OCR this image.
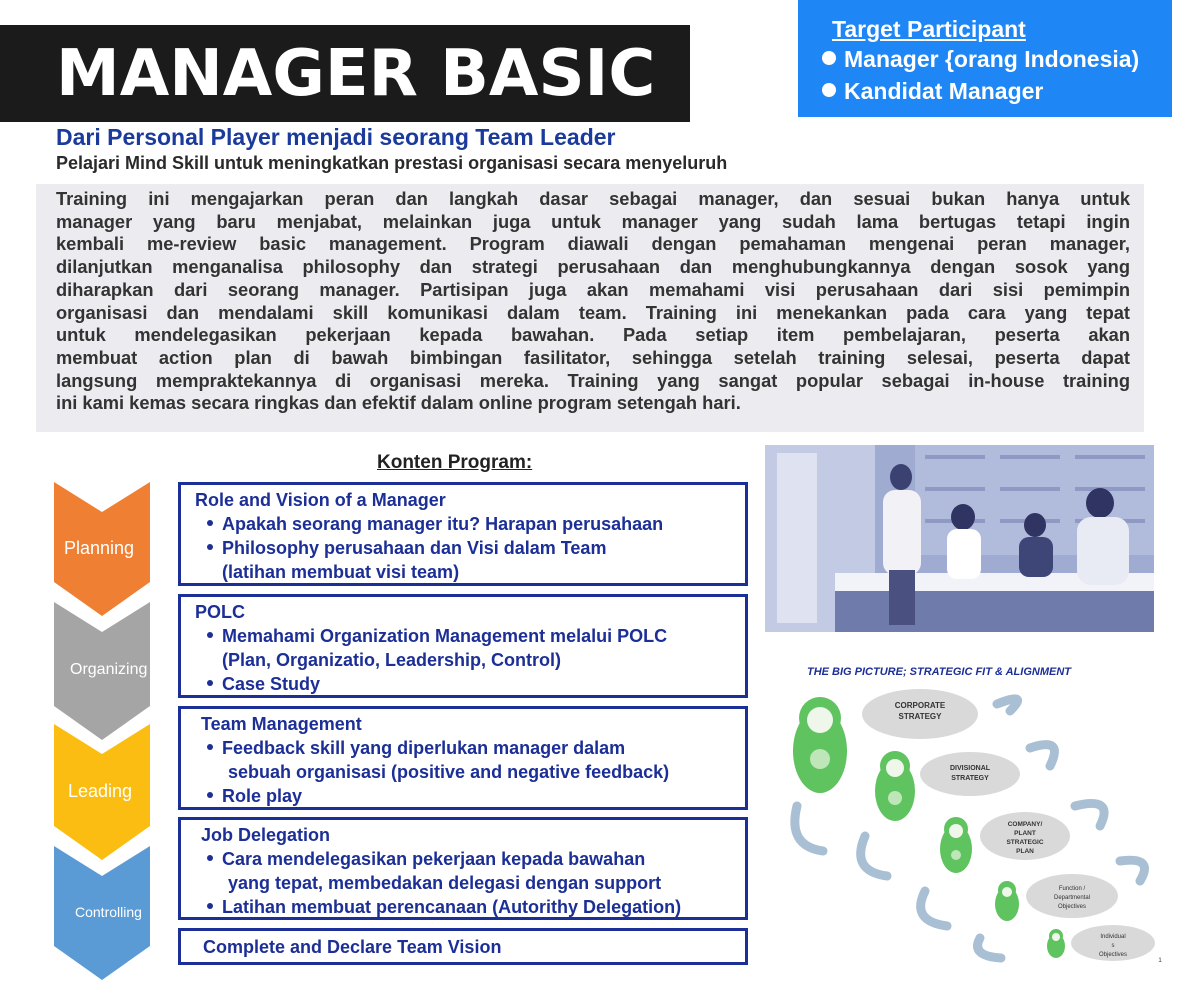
MANAGER BASIC
Target Participant
Manager {orang Indonesia)
Kandidat Manager
Dari Personal Player menjadi seorang Team Leader
Pelajari Mind Skill untuk meningkatkan prestasi organisasi secara menyeluruh
Training ini mengajarkan peran dan langkah dasar sebagai manager, dan sesuai bukan hanya untuk
manager yang baru menjabat, melainkan juga untuk manager yang sudah lama bertugas tetapi ingin
kembali me-review basic management. Program diawali dengan pemahaman mengenai peran manager,
dilanjutkan menganalisa philosophy dan strategi perusahaan dan menghubungkannya dengan sosok yang
diharapkan dari seorang manager. Partisipan juga akan memahami visi perusahaan dari sisi pemimpin
organisasi dan mendalami skill komunikasi dalam team. Training ini menekankan pada cara yang tepat
untuk mendelegasikan pekerjaan kepada bawahan. Pada setiap item pembelajaran, peserta akan
membuat action plan di bawah bimbingan fasilitator, sehingga setelah training selesai, peserta dapat
langsung mempraktekannya di organisasi mereka. Training yang sangat popular sebagai in-house training
ini kami kemas secara ringkas dan efektif dalam online program setengah hari.
Konten Program:
Planning
Organizing
Leading
Controlling
Role and Vision of a Manager
Apakah seorang manager itu? Harapan perusahaan
Philosophy perusahaan dan Visi dalam Team
(latihan membuat visi team)
POLC
Memahami Organization Management melalui POLC
(Plan, Organizatio, Leadership, Control)
Case Study
Team Management
Feedback skill yang diperlukan manager dalam
sebuah organisasi (positive and negative feedback)
Role play
Job Delegation
Cara mendelegasikan pekerjaan kepada bawahan
yang tepat, membedakan delegasi dengan support
Latihan membuat perencanaan (Autorithy Delegation)
Complete and Declare Team Vision
THE BIG PICTURE; STRATEGIC FIT & ALIGNMENT
CORPORATE
STRATEGY
DIVISIONAL
STRATEGY
COMPANY/
PLANT
STRATEGIC
PLAN
Function /
Departmental
Objectives
Individual
s
Objectives
1
